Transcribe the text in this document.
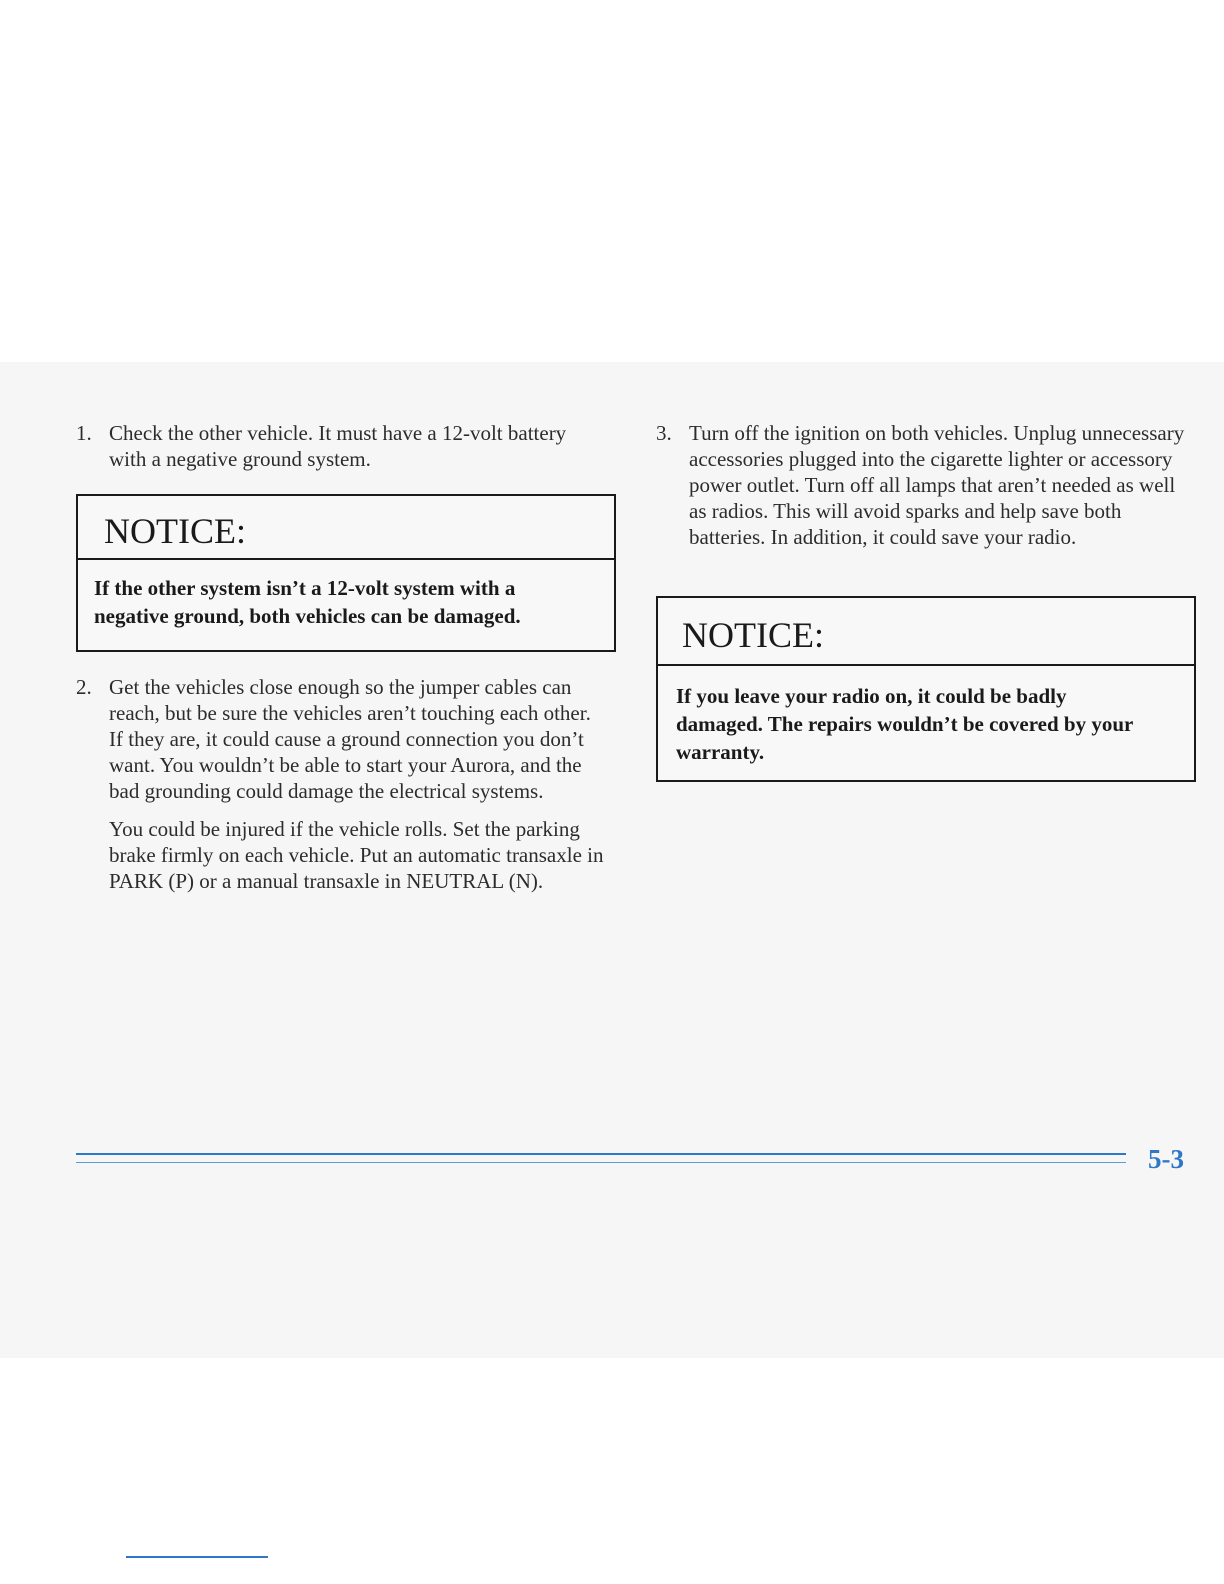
1. Check the other vehicle. It must have a 12-volt battery with a negative ground system.

NOTICE:
If the other system isn’t a 12-volt system with a negative ground, both vehicles can be damaged.
2. Get the vehicles close enough so the jumper cables can reach, but be sure the vehicles aren’t touching each other. If they are, it could cause a ground connection you don’t want. You wouldn’t be able to start your Aurora, and the bad grounding could damage the electrical systems.

You could be injured if the vehicle rolls. Set the parking brake firmly on each vehicle. Put an automatic transaxle in PARK (P) or a manual transaxle in NEUTRAL (N).

3. Turn off the ignition on both vehicles. Unplug unnecessary accessories plugged into the cigarette lighter or accessory power outlet. Turn off all lamps that aren’t needed as well as radios. This will avoid sparks and help save both batteries. In addition, it could save your radio.

NOTICE:
If you leave your radio on, it could be badly damaged. The repairs wouldn’t be covered by your warranty.
5-3
